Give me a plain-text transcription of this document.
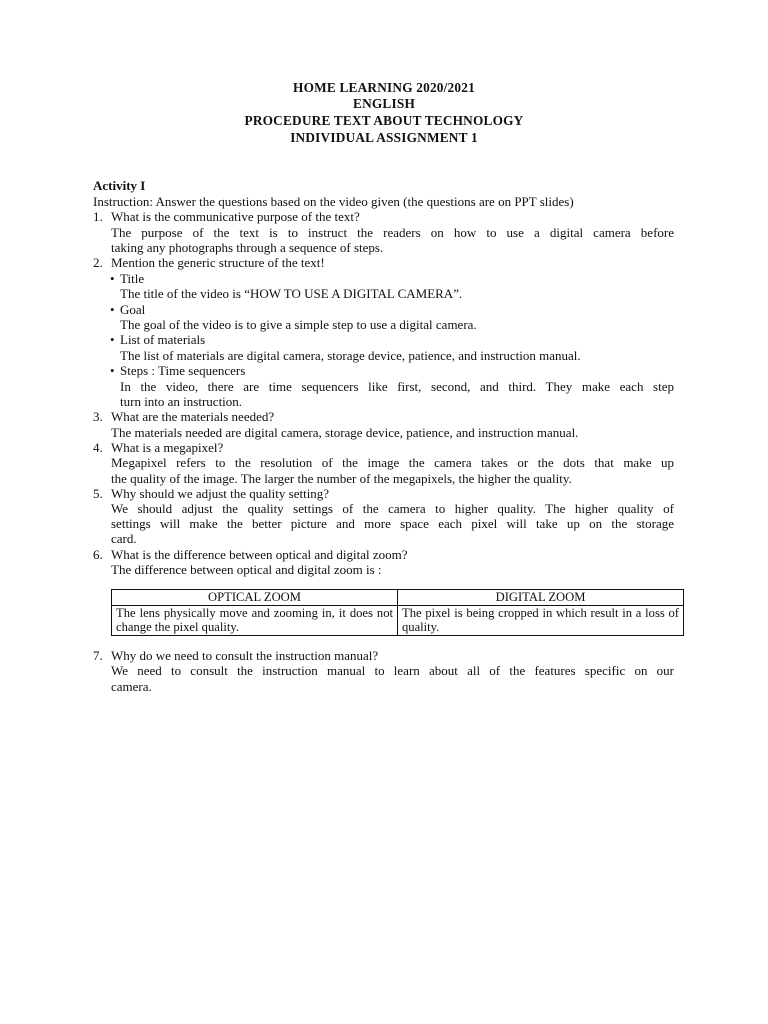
HOME LEARNING 2020/2021
ENGLISH
PROCEDURE TEXT ABOUT TECHNOLOGY
INDIVIDUAL ASSIGNMENT 1
Activity I
Instruction: Answer the questions based on the video given (the questions are on PPT slides)
1. What is the communicative purpose of the text?
The purpose of the text is to instruct the readers on how to use a digital camera before
taking any photographs through a sequence of steps.
2. Mention the generic structure of the text!
• Title
The title of the video is “HOW TO USE A DIGITAL CAMERA”.
• Goal
The goal of the video is to give a simple step to use a digital camera.
• List of materials
The list of materials are digital camera, storage device, patience, and instruction manual.
• Steps : Time sequencers
In the video, there are time sequencers like first, second, and third. They make each step
turn into an instruction.
3. What are the materials needed?
The materials needed are digital camera, storage device, patience, and instruction manual.
4. What is a megapixel?
Megapixel refers to the resolution of the image the camera takes or the dots that make up
the quality of the image. The larger the number of the megapixels, the higher the quality.
5. Why should we adjust the quality setting?
We should adjust the quality settings of the camera to higher quality. The higher quality of
settings will make the better picture and more space each pixel will take up on the storage
card.
6. What is the difference between optical and digital zoom?
The difference between optical and digital zoom is :
OPTICAL ZOOM	DIGITAL ZOOM
The lens physically move and zooming in, it does not change the pixel quality.	The pixel is being cropped in which result in a loss of quality.
7. Why do we need to consult the instruction manual?
We need to consult the instruction manual to learn about all of the features specific on our
camera.
